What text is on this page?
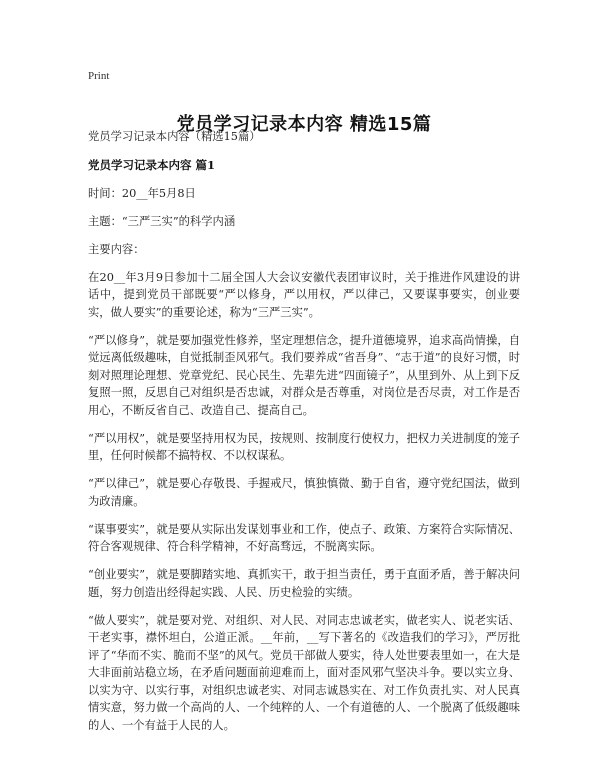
Print
党员学习记录本内容 精选15篇

党员学习记录本内容（精选15篇）

党员学习记录本内容 篇1

时间：20__年5月8日

主题：“三严三实”的科学内涵

主要内容：

在20__年3月9日参加十二届全国人大会议安徽代表团审议时，关于推进作风建设的讲话中，提到党员干部既要“严以修身，严以用权，严以律己，又要谋事要实，创业要实，做人要实”的重要论述，称为“三严三实”。

“严以修身”，就是要加强党性修养，坚定理想信念，提升道德境界，追求高尚情操，自觉远离低级趣味，自觉抵制歪风邪气。我们要养成“省吾身”、“志于道”的良好习惯，时刻对照理论理想、党章党纪、民心民生、先辈先进“四面镜子”，从里到外、从上到下反复照一照，反思自己对组织是否忠诚，对群众是否尊重，对岗位是否尽责，对工作是否用心，不断反省自己、改造自己、提高自己。

“严以用权”，就是要坚持用权为民，按规则、按制度行使权力，把权力关进制度的笼子里，任何时候都不搞特权、不以权谋私。

“严以律己”，就是要心存敬畏、手握戒尺，慎独慎微、勤于自省，遵守党纪国法，做到为政清廉。

“谋事要实”，就是要从实际出发谋划事业和工作，使点子、政策、方案符合实际情况、符合客观规律、符合科学精神，不好高骛远，不脱离实际。

“创业要实”，就是要脚踏实地、真抓实干，敢于担当责任，勇于直面矛盾，善于解决问题，努力创造出经得起实践、人民、历史检验的实绩。

“做人要实”，就是要对党、对组织、对人民、对同志忠诚老实，做老实人、说老实话、干老实事，襟怀坦白，公道正派。__年前，__写下著名的《改造我们的学习》，严厉批评了“华而不实、脆而不坚”的风气。党员干部做人要实，待人处世要表里如一，在大是大非面前站稳立场，在矛盾问题面前迎难而上，面对歪风邪气坚决斗争。要以实立身、以实为守、以实行事，对组织忠诚老实、对同志诚恳实在、对工作负责扎实、对人民真情实意，努力做一个高尚的人、一个纯粹的人、一个有道德的人、一个脱离了低级趣味的人、一个有益于人民的人。
